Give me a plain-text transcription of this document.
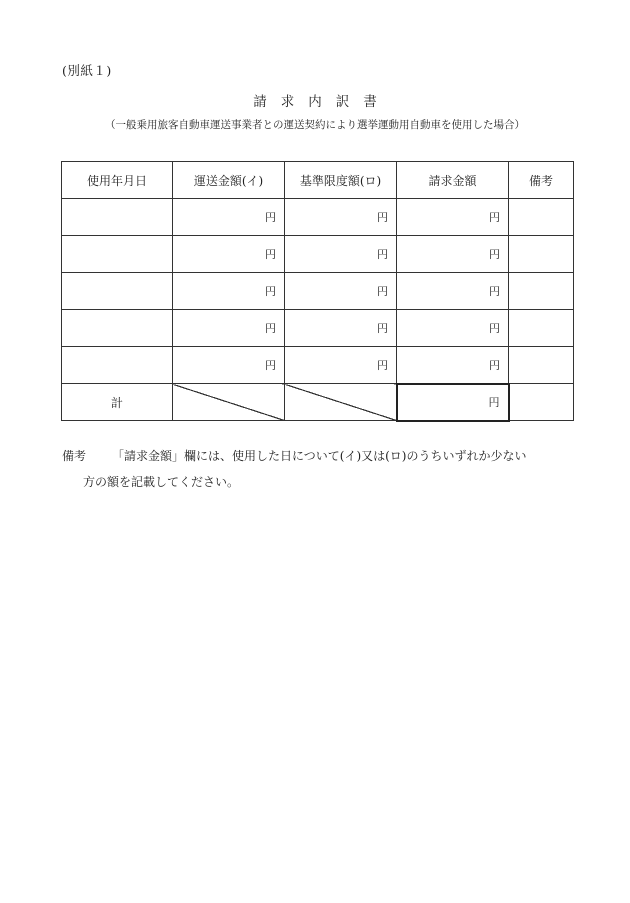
(別紙１)
請求内訳書
（一般乗用旅客自動車運送事業者との運送契約により選挙運動用自動車を使用した場合）
使用年月日	運送金額(イ)	基準限度額(ロ)	請求金額	備考
	円	円	円	
	円	円	円	
	円	円	円	
	円	円	円	
	円	円	円	
計			円	
備考 「請求金額」欄には、使用した日について(イ)又は(ロ)のうちいずれか少ない
方の額を記載してください。
